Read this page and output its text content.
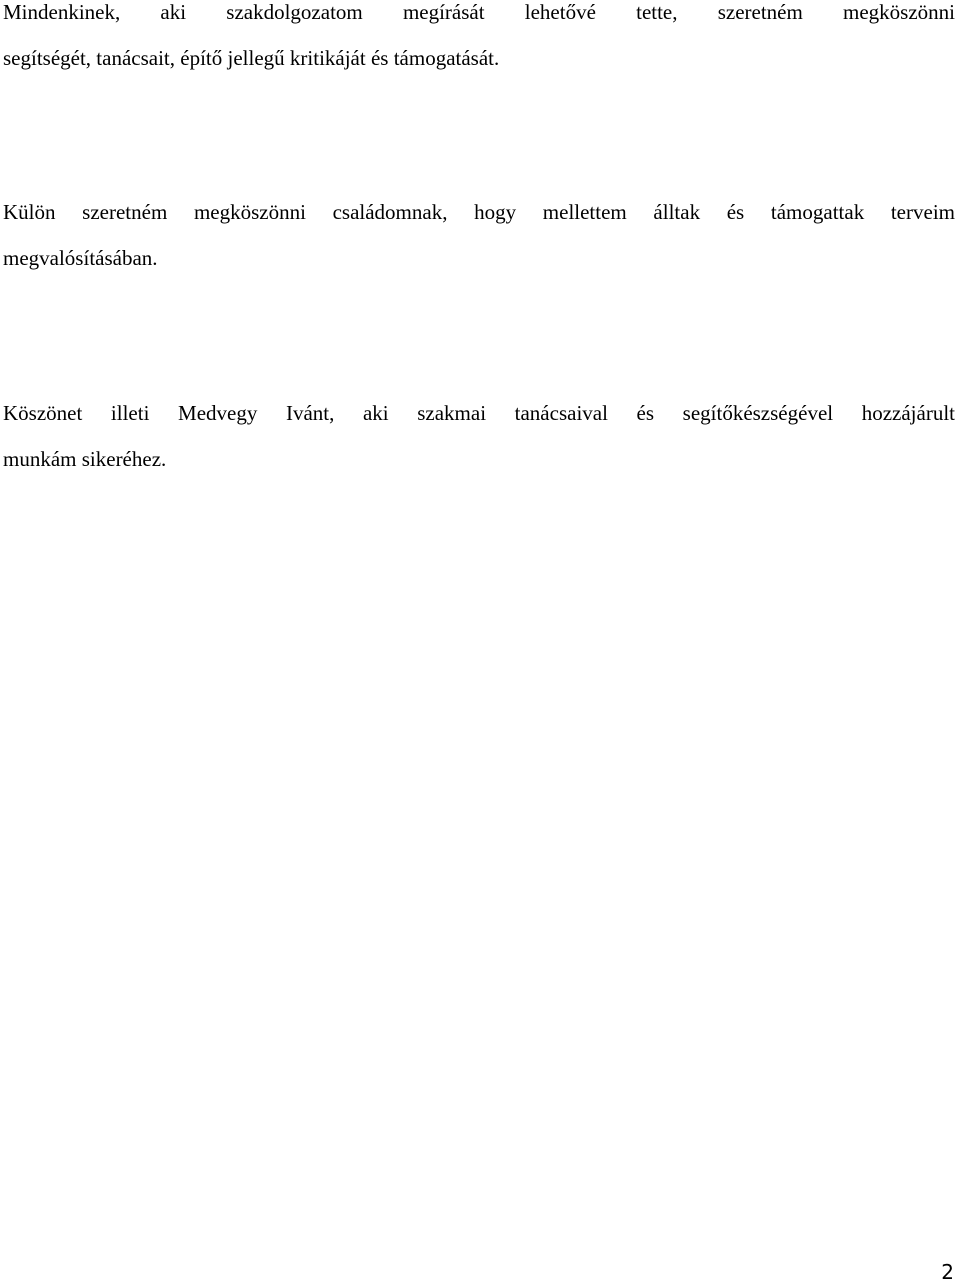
Mindenkinek, aki szakdolgozatom megírását lehetővé tette, szeretném megköszönni
segítségét, tanácsait, építő jellegű kritikáját és támogatását.
Külön szeretném megköszönni családomnak, hogy mellettem álltak és támogattak terveim
megvalósításában.
Köszönet illeti Medvegy Ivánt, aki szakmai tanácsaival és segítőkészségével hozzájárult
munkám sikeréhez.
2
